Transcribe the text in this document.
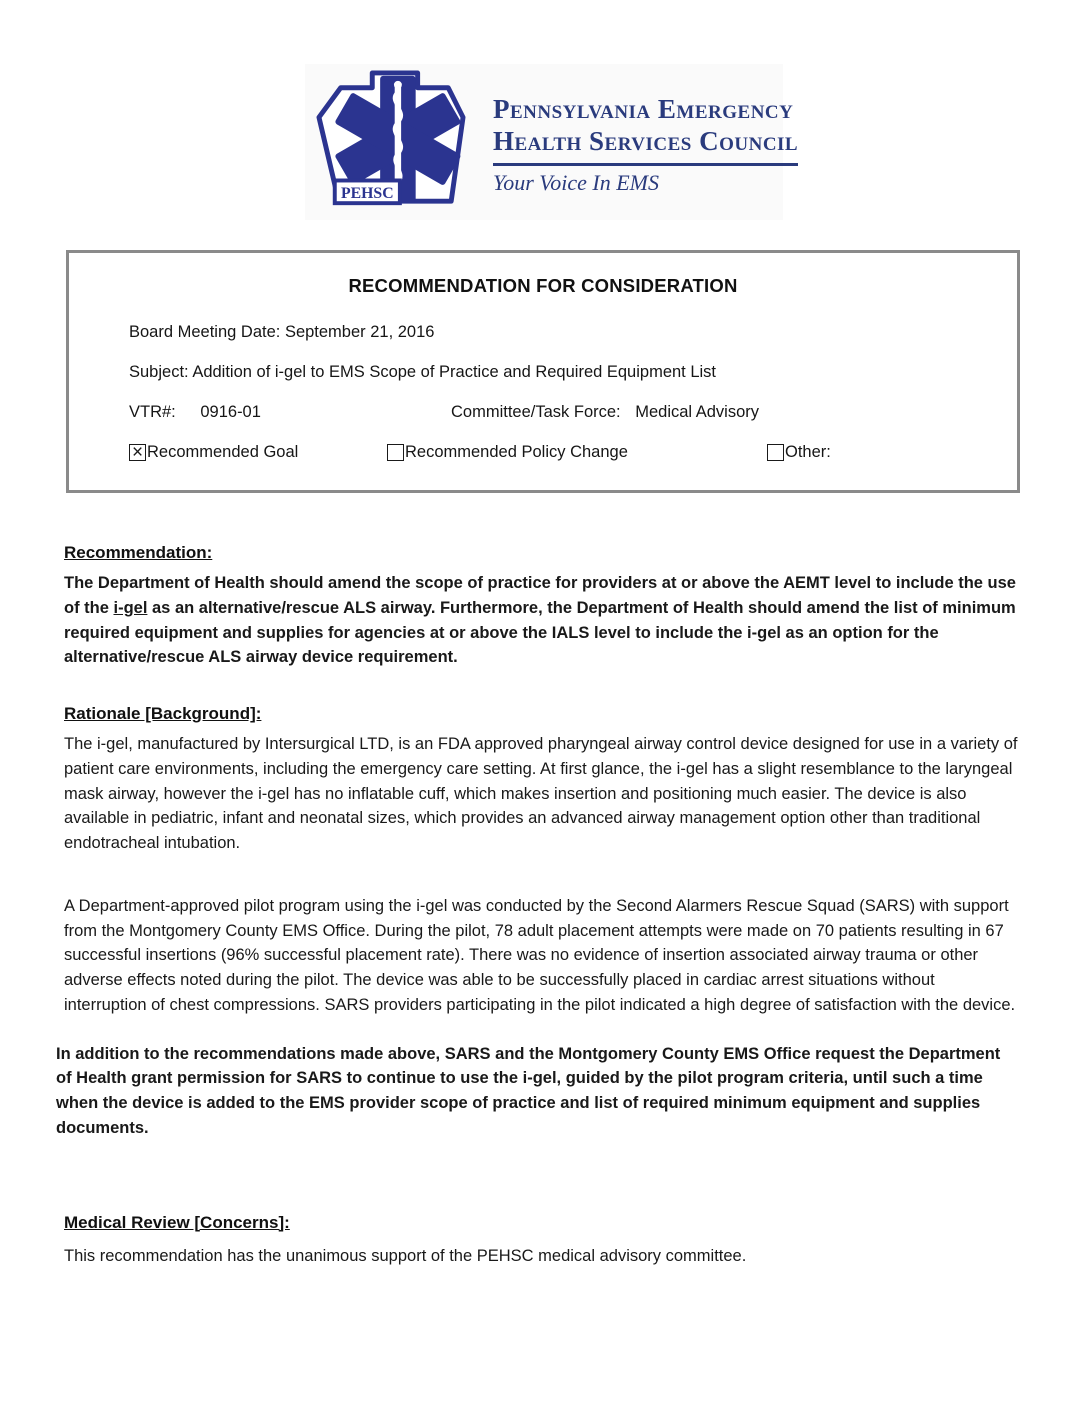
PEHSC
Pennsylvania Emergency
Health Services Council
Your Voice In EMS
RECOMMENDATION FOR CONSIDERATION
Board Meeting Date: September 21, 2016
Subject: Addition of i-gel to EMS Scope of Practice and Required Equipment List
VTR#: 0916-01	Committee/Task Force: Medical Advisory
× Recommended Goal	Recommended Policy Change	Other:
Recommendation:
The Department of Health should amend the scope of practice for providers at or above the AEMT level to include the use of the i-gel as an alternative/rescue ALS airway. Furthermore, the Department of Health should amend the list of minimum required equipment and supplies for agencies at or above the IALS level to include the i-gel as an option for the alternative/rescue ALS airway device requirement.
Rationale [Background]:
The i-gel, manufactured by Intersurgical LTD, is an FDA approved pharyngeal airway control device designed for use in a variety of patient care environments, including the emergency care setting. At first glance, the i-gel has a slight resemblance to the laryngeal mask airway, however the i-gel has no inflatable cuff, which makes insertion and positioning much easier. The device is also available in pediatric, infant and neonatal sizes, which provides an advanced airway management option other than traditional endotracheal intubation.
A Department-approved pilot program using the i-gel was conducted by the Second Alarmers Rescue Squad (SARS) with support from the Montgomery County EMS Office. During the pilot, 78 adult placement attempts were made on 70 patients resulting in 67 successful insertions (96% successful placement rate). There was no evidence of insertion associated airway trauma or other adverse effects noted during the pilot. The device was able to be successfully placed in cardiac arrest situations without interruption of chest compressions. SARS providers participating in the pilot indicated a high degree of satisfaction with the device.
In addition to the recommendations made above, SARS and the Montgomery County EMS Office request the Department of Health grant permission for SARS to continue to use the i-gel, guided by the pilot program criteria, until such a time when the device is added to the EMS provider scope of practice and list of required minimum equipment and supplies documents.
Medical Review [Concerns]:
This recommendation has the unanimous support of the PEHSC medical advisory committee.
